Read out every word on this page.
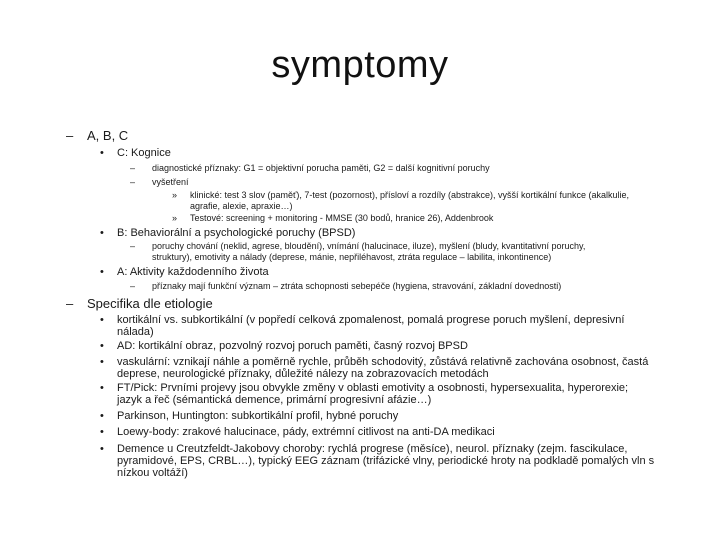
symptomy
– A, B, C
• C: Kognice
– diagnostické příznaky: G1 = objektivní porucha paměti, G2 = další kognitivní poruchy
– vyšetření
» klinické: test 3 slov (paměť), 7-test (pozornost), přísloví a rozdíly (abstrakce), vyšší kortikální funkce (akalkulie,
agrafie, alexie, apraxie…)
» Testové: screening + monitoring - MMSE (30 bodů, hranice 26), Addenbrook
• B: Behaviorální a psychologické poruchy (BPSD)
– poruchy chování (neklid, agrese, bloudění), vnímání (halucinace, iluze), myšlení (bludy, kvantitativní poruchy,
struktury), emotivity a nálady (deprese, mánie, nepřiléhavost, ztráta regulace – labilita, inkontinence)
• A: Aktivity každodenního života
– příznaky mají funkční význam – ztráta schopnosti sebepéče (hygiena, stravování, základní dovednosti)
– Specifika dle etiologie
• kortikální vs. subkortikální (v popředí celková zpomalenost, pomalá progrese poruch myšlení, depresivní
nálada)
• AD: kortikální obraz, pozvolný rozvoj poruch paměti, časný rozvoj BPSD
• vaskulární: vznikají náhle a poměrně rychle, průběh schodovitý, zůstává relativně zachována osobnost, častá
deprese, neurologické příznaky, důležité nálezy na zobrazovacích metodách
• FT/Pick: Prvními projevy jsou obvykle změny v oblasti emotivity a osobnosti, hypersexualita, hyperorexie;
jazyk a řeč (sémantická demence, primární progresivní afázie…)
• Parkinson, Huntington: subkortikální profil, hybné poruchy
• Loewy-body: zrakové halucinace, pády, extrémní citlivost na anti-DA medikaci
• Demence u Creutzfeldt-Jakobovy choroby: rychlá progrese (měsíce), neurol. příznaky (zejm. fascikulace,
pyramidové, EPS, CRBL…), typický EEG záznam (trifázické vlny, periodické hroty na podkladě pomalých vln s
nízkou voltáží)
